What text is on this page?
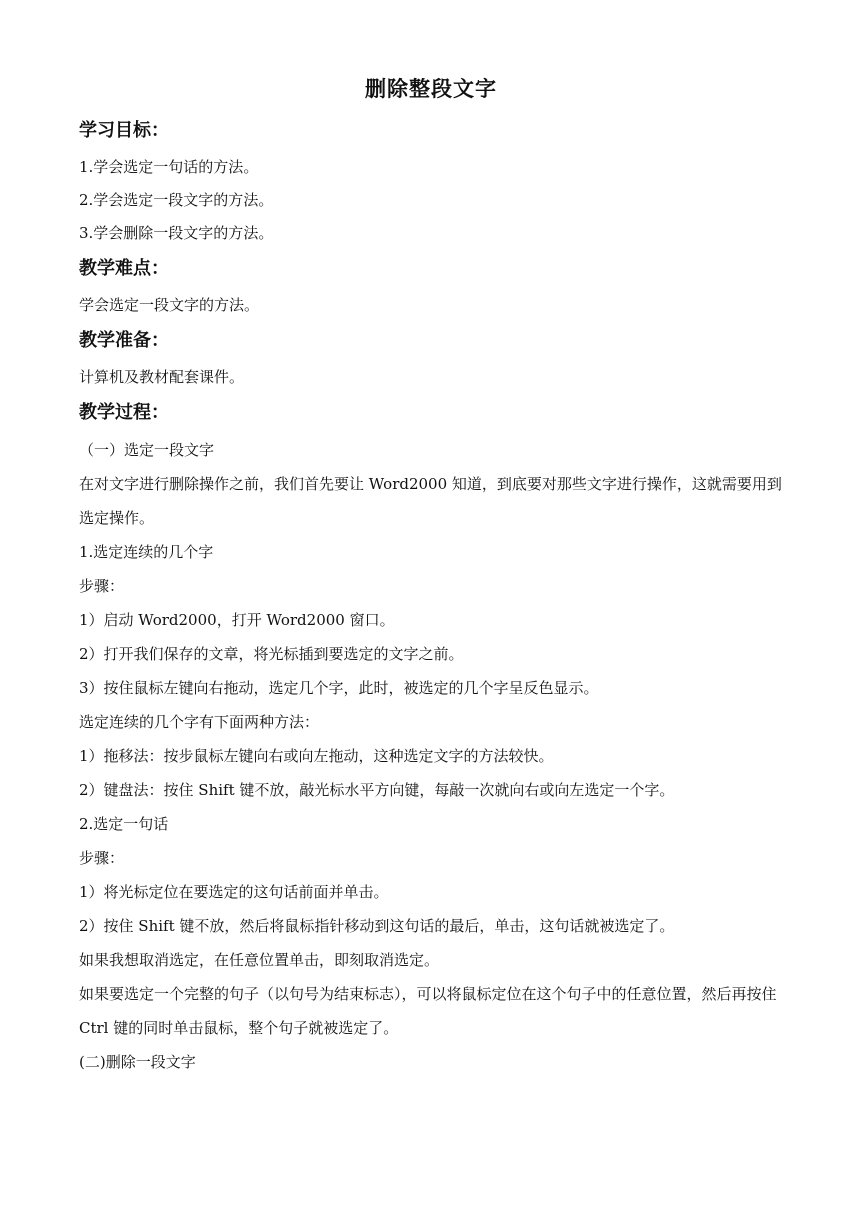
删除整段文字
学习目标：

1.学会选定一句话的方法。

2.学会选定一段文字的方法。

3.学会删除一段文字的方法。

教学难点：

学会选定一段文字的方法。

教学准备：

计算机及教材配套课件。

教学过程：

（一）选定一段文字

在对文字进行删除操作之前，我们首先要让 Word2000 知道，到底要对那些文字进行操作，这就需要用到选定操作。

1.选定连续的几个字

步骤：

1）启动 Word2000，打开 Word2000 窗口。

2）打开我们保存的文章，将光标插到要选定的文字之前。

3）按住鼠标左键向右拖动，选定几个字，此时，被选定的几个字呈反色显示。

选定连续的几个字有下面两种方法：

1）拖移法：按步鼠标左键向右或向左拖动，这种选定文字的方法较快。

2）键盘法：按住 Shift 键不放，敲光标水平方向键，每敲一次就向右或向左选定一个字。

2.选定一句话

步骤：

1）将光标定位在要选定的这句话前面并单击。

2）按住 Shift 键不放，然后将鼠标指针移动到这句话的最后，单击，这句话就被选定了。

如果我想取消选定，在任意位置单击，即刻取消选定。

如果要选定一个完整的句子（以句号为结束标志），可以将鼠标定位在这个句子中的任意位置，然后再按住 Ctrl 键的同时单击鼠标，整个句子就被选定了。

(二)删除一段文字
